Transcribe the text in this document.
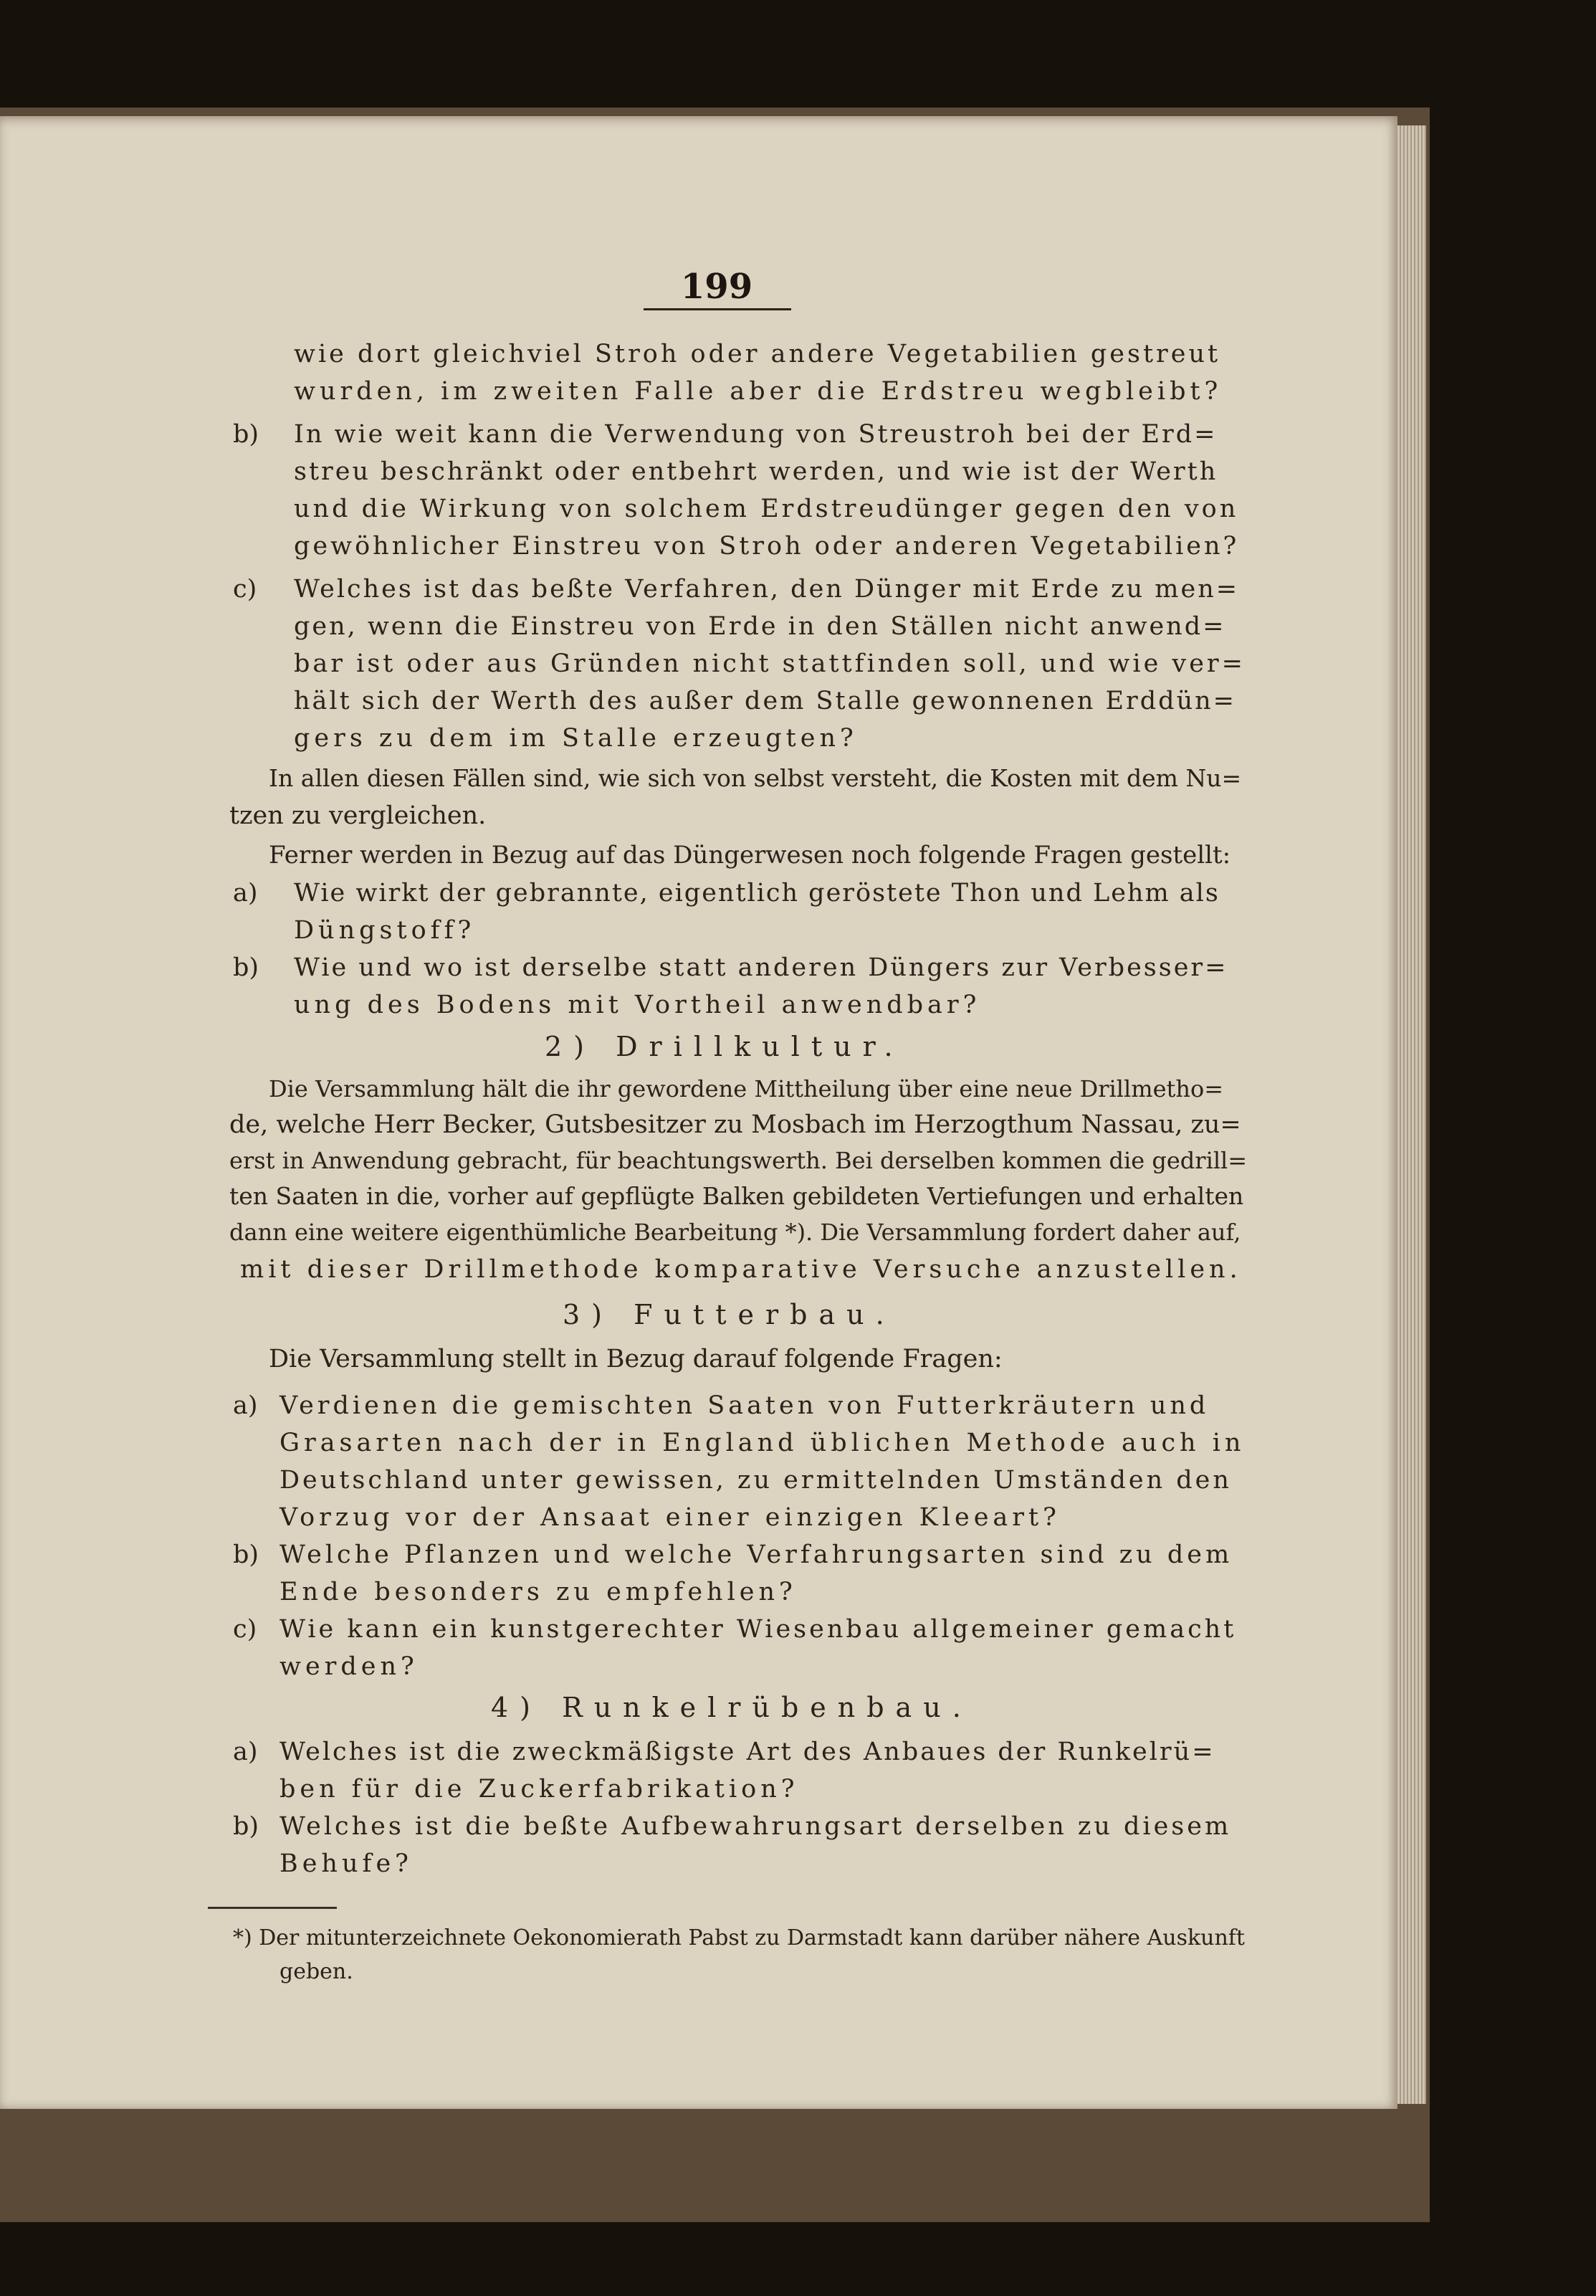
199
wie dort gleichviel Stroh oder andere Vegetabilien gestreut
wurden, im zweiten Falle aber die Erdstreu wegbleibt?
b) In wie weit kann die Verwendung von Streustroh bei der Erd=
streu beschränkt oder entbehrt werden, und wie ist der Werth
und die Wirkung von solchem Erdstreudünger gegen den von
gewöhnlicher Einstreu von Stroh oder anderen Vegetabilien?
c) Welches ist das beßte Verfahren, den Dünger mit Erde zu men=
gen, wenn die Einstreu von Erde in den Ställen nicht anwend=
bar ist oder aus Gründen nicht stattfinden soll, und wie ver=
hält sich der Werth des außer dem Stalle gewonnenen Erddün=
gers zu dem im Stalle erzeugten?
In allen diesen Fällen sind, wie sich von selbst versteht, die Kosten mit dem Nu=
tzen zu vergleichen.
Ferner werden in Bezug auf das Düngerwesen noch folgende Fragen gestellt:
a) Wie wirkt der gebrannte, eigentlich geröstete Thon und Lehm als
Düngstoff?
b) Wie und wo ist derselbe statt anderen Düngers zur Verbesser=
ung des Bodens mit Vortheil anwendbar?
2) Drillkultur.
Die Versammlung hält die ihr gewordene Mittheilung über eine neue Drillmetho=
de, welche Herr Becker, Gutsbesitzer zu Mosbach im Herzogthum Nassau, zu=
erst in Anwendung gebracht, für beachtungswerth. Bei derselben kommen die gedrill=
ten Saaten in die, vorher auf gepflügte Balken gebildeten Vertiefungen und erhalten
dann eine weitere eigenthümliche Bearbeitung *). Die Versammlung fordert daher auf,
mit dieser Drillmethode komparative Versuche anzustellen.
3) Futterbau.
Die Versammlung stellt in Bezug darauf folgende Fragen:
a) Verdienen die gemischten Saaten von Futterkräutern und
Grasarten nach der in England üblichen Methode auch in
Deutschland unter gewissen, zu ermittelnden Umständen den
Vorzug vor der Ansaat einer einzigen Kleeart?
b) Welche Pflanzen und welche Verfahrungsarten sind zu dem
Ende besonders zu empfehlen?
c) Wie kann ein kunstgerechter Wiesenbau allgemeiner gemacht
werden?
4) Runkelrübenbau.
a) Welches ist die zweckmäßigste Art des Anbaues der Runkelrü=
ben für die Zuckerfabrikation?
b) Welches ist die beßte Aufbewahrungsart derselben zu diesem
Behufe?
*) Der mitunterzeichnete Oekonomierath Pabst zu Darmstadt kann darüber nähere Auskunft
geben.
